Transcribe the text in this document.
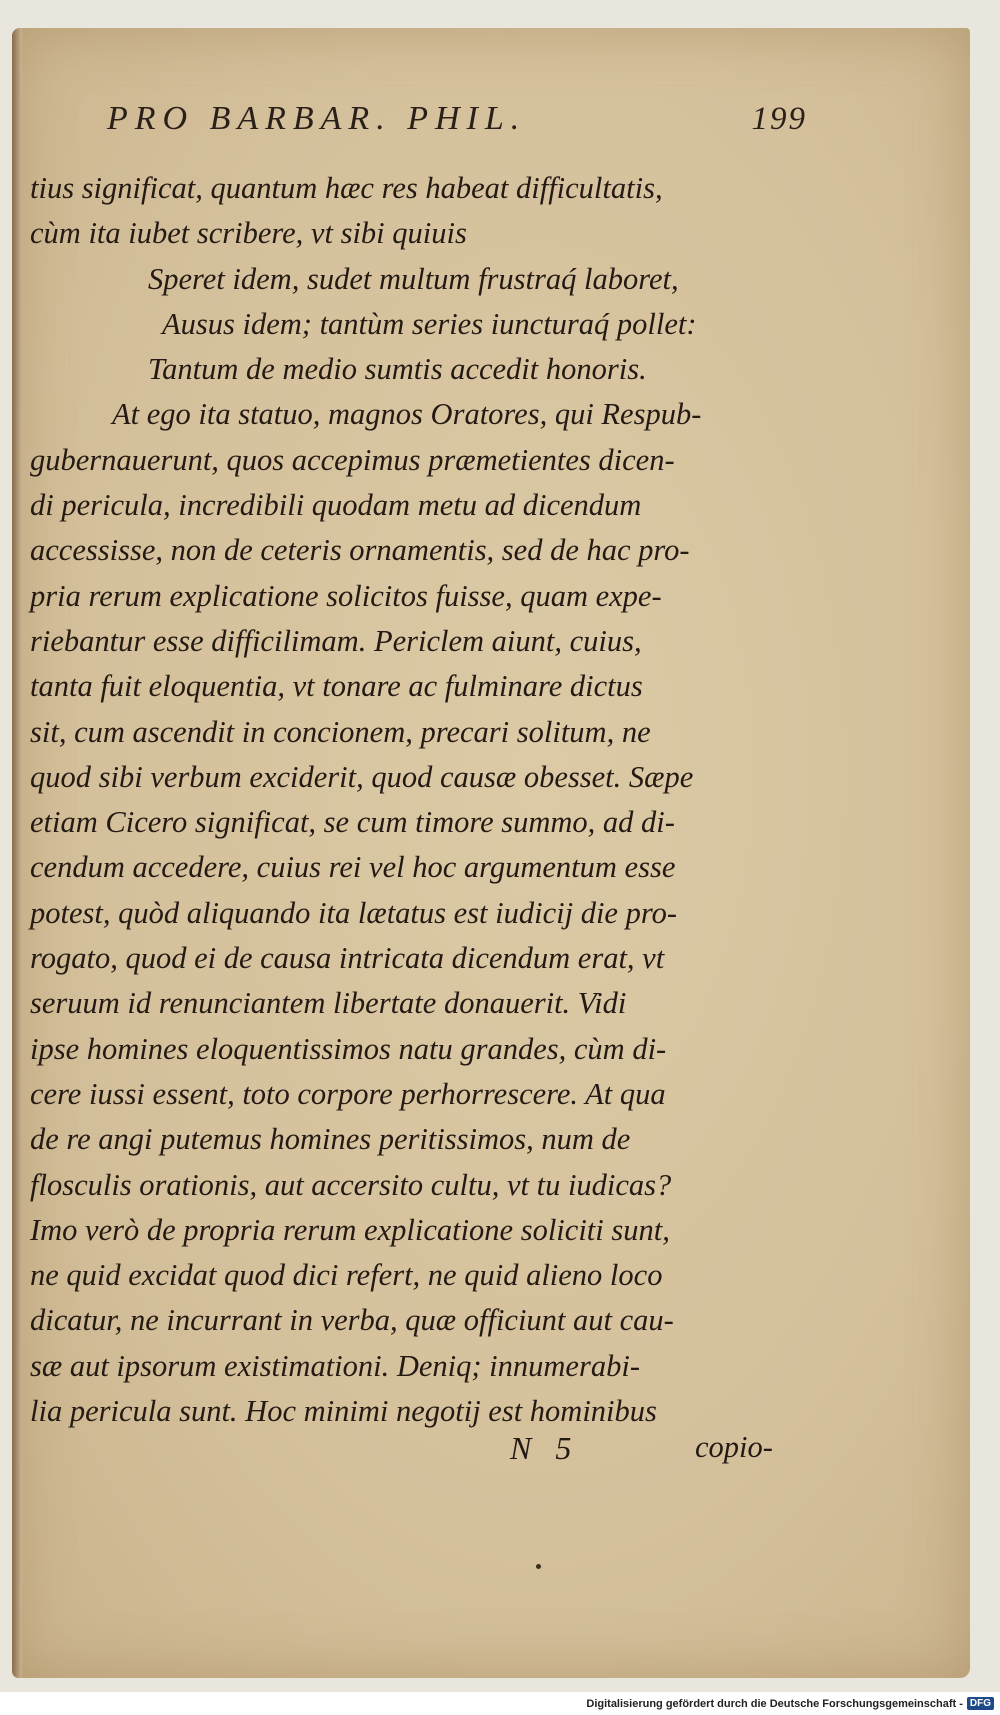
PRO BARBAR. PHIL.	199
tius significat, quantum hæc res habeat difficultatis,
cùm ita iubet scribere, vt sibi quiuis
Speret idem, sudet multum frustraq́ laboret,
Ausus idem; tantùm series iuncturaq́ pollet:
Tantum de medio sumtis accedit honoris.
At ego ita statuo, magnos Oratores, qui Respub-
gubernauerunt, quos accepimus præmetientes dicen-
di pericula, incredibili quodam metu ad dicendum
accessisse, non de ceteris ornamentis, sed de hac pro-
pria rerum explicatione solicitos fuisse, quam expe-
riebantur esse difficilimam. Periclem aiunt, cuius,
tanta fuit eloquentia, vt tonare ac fulminare dictus
sit, cum ascendit in concionem, precari solitum, ne
quod sibi verbum exciderit, quod causæ obesset. Sæpe
etiam Cicero significat, se cum timore summo, ad di-
cendum accedere, cuius rei vel hoc argumentum esse
potest, quòd aliquando ita lætatus est iudicij die pro-
rogato, quod ei de causa intricata dicendum erat, vt
seruum id renunciantem libertate donauerit. Vidi
ipse homines eloquentissimos natu grandes, cùm di-
cere iussi essent, toto corpore perhorrescere. At qua
de re angi putemus homines peritissimos, num de
flosculis orationis, aut accersito cultu, vt tu iudicas?
Imo verò de propria rerum explicatione soliciti sunt,
ne quid excidat quod dici refert, ne quid alieno loco
dicatur, ne incurrant in verba, quæ officiunt aut cau-
sæ aut ipsorum existimationi. Deniq; innumerabi-
lia pericula sunt. Hoc minimi negotij est hominibus
N 5	copio-
Digitalisierung gefördert durch die Deutsche Forschungsgemeinschaft - DFG
